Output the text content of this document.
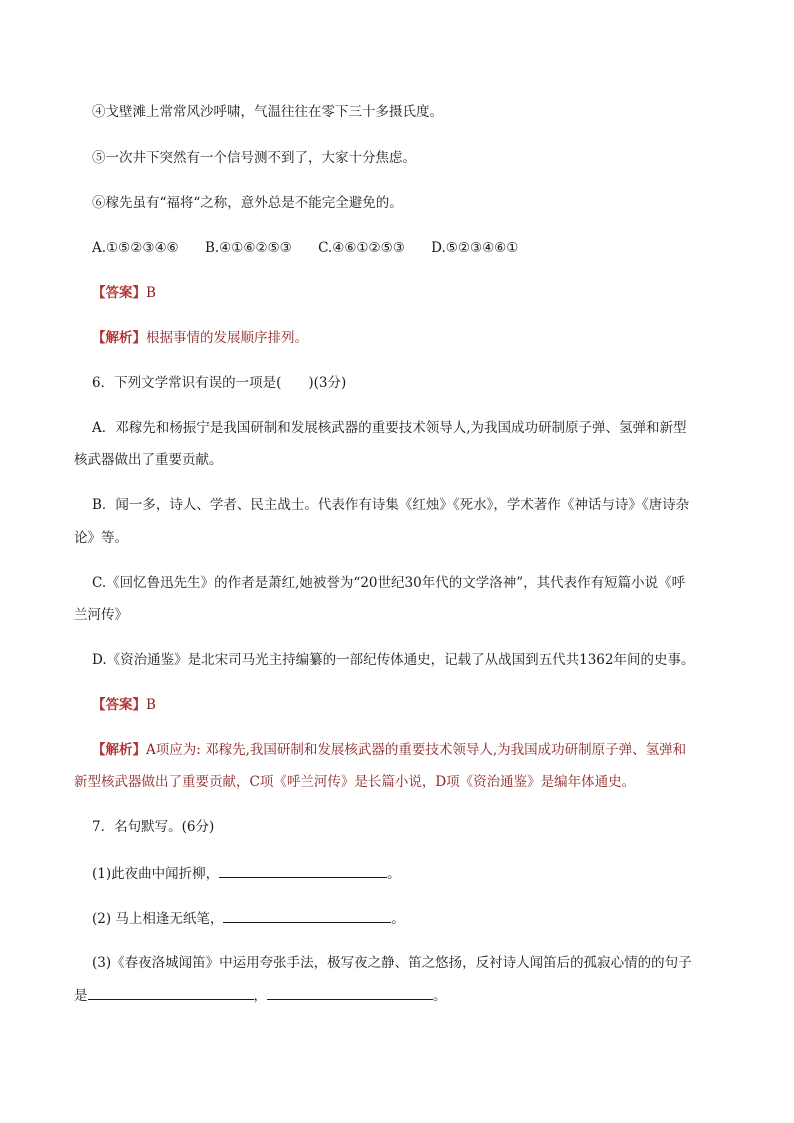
④戈壁滩上常常风沙呼啸，气温往往在零下三十多摄氏度。
⑤一次井下突然有一个信号测不到了，大家十分焦虑。
⑥稼先虽有“福将“之称，意外总是不能完全避免的。
A.①⑤②③④⑥ B.④①⑥②⑤③ C.④⑥①②⑤③ D.⑤②③④⑥①
【答案】B
【解析】根据事情的发展顺序排列。
6．下列文学常识有误的一项是(　　)(3分)
A．邓稼先和杨振宁是我国研制和发展核武器的重要技术领导人,为我国成功研制原子弹、氢弹和新型
核武器做出了重要贡献。
B．闻一多，诗人、学者、民主战士。代表作有诗集《红烛》《死水》，学术著作《神话与诗》《唐诗杂
论》等。
C.《回忆鲁迅先生》的作者是萧红,她被誉为“20世纪30年代的文学洛神”，其代表作有短篇小说《呼
兰河传》
D.《资治通鉴》是北宋司马光主持编纂的一部纪传体通史，记载了从战国到五代共1362年间的史事。
【答案】B
【解析】A项应为: 邓稼先,我国研制和发展核武器的重要技术领导人,为我国成功研制原子弹、氢弹和
新型核武器做出了重要贡献，C项《呼兰河传》是长篇小说，D项《资治通鉴》是编年体通史。
7．名句默写。(6分)
(1)此夜曲中闻折柳，	。
(2) 马上相逢无纸笔，	。
(3)《春夜洛城闻笛》中运用夸张手法，极写夜之静、笛之悠扬，反衬诗人闻笛后的孤寂心情的的句子
是	，	。
